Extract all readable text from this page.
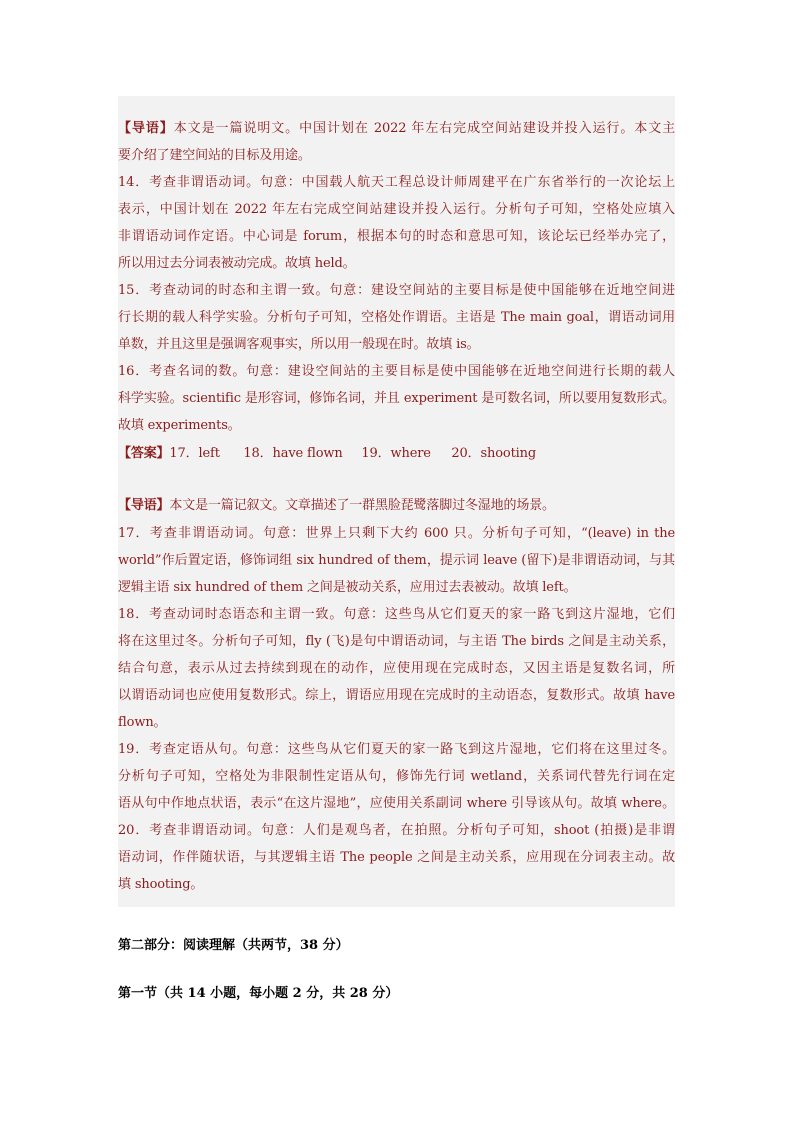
【导语】本文是一篇说明文。中国计划在 2022 年左右完成空间站建设并投入运行。本文主

要介绍了建空间站的目标及用途。

14．考查非谓语动词。句意：中国载人航天工程总设计师周建平在广东省举行的一次论坛上

表示，中国计划在 2022 年左右完成空间站建设并投入运行。分析句子可知，空格处应填入

非谓语动词作定语。中心词是 forum，根据本句的时态和意思可知，该论坛已经举办完了，

所以用过去分词表被动完成。故填 held。

15．考查动词的时态和主谓一致。句意：建设空间站的主要目标是使中国能够在近地空间进

行长期的载人科学实验。分析句子可知，空格处作谓语。主语是 The main goal，谓语动词用

单数，并且这里是强调客观事实，所以用一般现在时。故填 is。

16．考查名词的数。句意：建设空间站的主要目标是使中国能够在近地空间进行长期的载人

科学实验。scientific 是形容词，修饰名词，并且 experiment 是可数名词，所以要用复数形式。

故填 experiments。

【答案】17．left 18．have flown 19．where 20．shooting

【导语】本文是一篇记叙文。文章描述了一群黑脸琵鹭落脚过冬湿地的场景。

17．考查非谓语动词。句意：世界上只剩下大约 600 只。分析句子可知，“(leave) in the

world”作后置定语，修饰词组 six hundred of them，提示词 leave (留下)是非谓语动词，与其

逻辑主语 six hundred of them 之间是被动关系，应用过去表被动。故填 left。

18．考查动词时态语态和主谓一致。句意：这些鸟从它们夏天的家一路飞到这片湿地，它们

将在这里过冬。分析句子可知，fly (飞)是句中谓语动词，与主语 The birds 之间是主动关系，

结合句意，表示从过去持续到现在的动作，应使用现在完成时态，又因主语是复数名词，所

以谓语动词也应使用复数形式。综上，谓语应用现在完成时的主动语态，复数形式。故填 have

flown。

19．考查定语从句。句意：这些鸟从它们夏天的家一路飞到这片湿地，它们将在这里过冬。

分析句子可知，空格处为非限制性定语从句，修饰先行词 wetland，关系词代替先行词在定

语从句中作地点状语，表示“在这片湿地”，应使用关系副词 where 引导该从句。故填 where。

20．考查非谓语动词。句意：人们是观鸟者，在拍照。分析句子可知，shoot (拍摄)是非谓

语动词，作伴随状语，与其逻辑主语 The people 之间是主动关系，应用现在分词表主动。故

填 shooting。

第二部分：阅读理解（共两节，38 分）
第一节（共 14 小题，每小题 2 分，共 28 分）
